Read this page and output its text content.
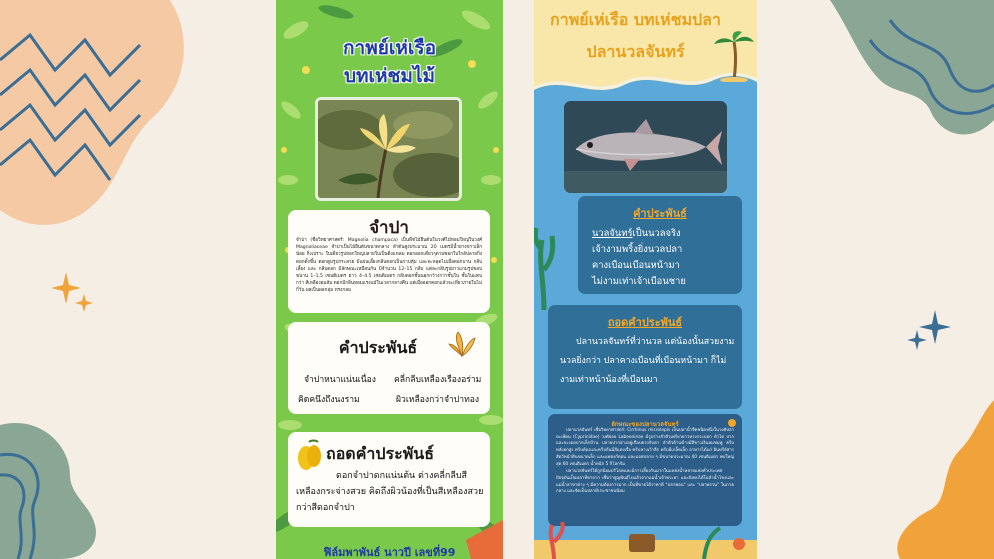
กาพย์เห่เรือ
บทเห่ชมไม้
จำปา
จำปา (ชื่อวิทยาศาสตร์: Magnolia champaca) เป็นพืชไม้ยืนต้นในวงศ์ไม้หอมใหญ่ในวงศ์ Magnoliaceae จำปาเป็นไม้ยืนต้นขนาดกลาง ลำต้นสูงประมาณ 20 เมตรมีน้ำยางขาวเล็กน้อย กิ่งเปราะ ใบเดี่ยวรูปหอกใหญ่ปลายใบเป็นติ่งแหลม ดอกออกเดี่ยวๆตามซอกใบใกล้ปลายกิ่ง ดอกตั้งขึ้น ดอกตูมรูปกระสวย มีแผ่นเลี้ยงกลีบดอกเป็นกาบหุ้ม และจะหลุดไปเมื่อดอกบาน กลีบเลี้ยง และ กลีบดอก มีลักษณะเหมือนกัน มีจำนวน 12–15 กลีบ แต่ละกลีบรูปยาวแกมรูปขอบขนาน 1–1.5 เซนติเมตร ยาว 4–4.5 เซนติเมตร กลีบดอกชั้นนอกกว้างกว่าชั้นใน ชั้นในแคบกว่า สีเหลืองอมส้ม ดอกมีกลิ่นหอมแรงแม้ในเวลากลางคืน แต่เมื่อออกดอกแล้วจะเหี่ยวภายในไม่กี่วัน ผลเป็นผลกลุ่ม ทรงกลม
คำประพันธ์
จำปาหนาแน่นเนื่อง คลี่กลีบเหลืองเรืองอร่าม
คิดคนึงถึงนงราม	ผิวเหลืองกว่าจำปาทอง
ถอดคำประพันธ์
ดอกจำปาดกแน่นต้น ต่างคลี่กลีบสีเหลืองกระจ่างสวย คิดถึงผิวน้องที่เป็นสีเหลืองสวยกว่าสีดอกจำปา
ฟิล์มพาพันธ์ นาวปี เลขที่99
กาพย์เห่เรือ บทเห่ชมปลา
ปลานวลจันทร์
คำประพันธ์
นวลจันทร์เป็นนวลจริง
เจ้างามพริ้งยิ่งนวลปลา
คางเบือนเบือนหน้ามา
ไม่งามเท่าเจ้าเบือนชาย
ถอดคำประพันธ์
ปลานวลจันทร์ที่ว่านวล แต่น้องนั้นสวยงามนวลยิ่งกว่า ปลาคางเบือนที่เบือนหน้ามา ก็ไม่งามเท่าหน้าน้องที่เบือนมา
ลักษณะของปลานวลจันทร์

ปลานวลจันทร์ เชื่อวิทยาศาสตร์: Cirrhinus microlepis เป็นปลาน้ำจืดชนิดหนึ่งในวงศ์ปลาตะเพียน (Cyprinidae) วงศ์ย่อย Labeoninae มีรูปร่างลำตัวเพรียวยาวทรงกระบอก หัวโต ปากและจะงอยปากเล็กป้าน ปลายปากล่างอยู่เกือบตรงกับตา ลำตัวด้านข้างมีสีขาวเงินอมชมพู ครีบหลังยกสูง ครีบท้องและครีบก้นมีสีแดงเรื่อ ครีบหางเว้าลึก ครีบมีเกล็ดเล็ก อาหารได้แก่ อินทรีย์สาร สัตว์หน้าดินขนาดเล็ก และแพลงก์ตอน และมอสปลาย ๆ มีขนาดประมาณ 40 เซนติเมตร พบใหญ่สุด 60 เซนติเมตร น้ำหนัก 5 กิโลกรัม

ปลานวลจันทร์ได้ถูกนิยมบริโภคและมีการเลี้ยงกันมากในแหล่งน้ำหลายแห่งทั่วประเทศ ปัจจุบันเป็นปลาที่หายาก เชื่อว่าสูญพันธุ์ไปแล้วจากแม่น้ำเจ้าพระยา และยังพบได้ในลำน้ำโขงและแม่น้ำสาขาต่าง ๆ มีความต้องการมาก เป็นที่ขายได้ราคาดี "ปลาพอน" และ "ปลาพรวน" ในภาคกลาง และจัดเป็นปลาที่ประชาชนนิยม
